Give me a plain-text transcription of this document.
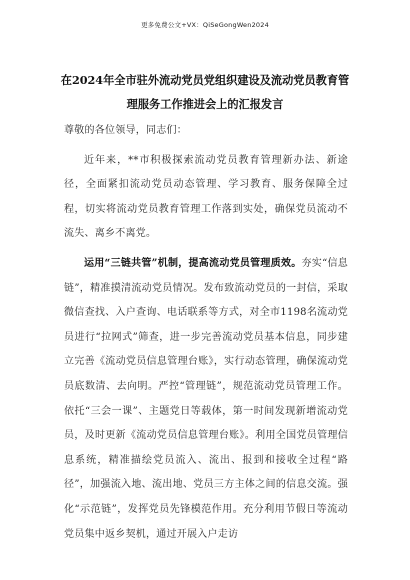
更多免费公文+VX：QiSeGongWen2024
在2024年全市驻外流动党员党组织建设及流动党员教育管
理服务工作推进会上的汇报发言

尊敬的各位领导，同志们：

近年来，**市积极探索流动党员教育管理新办法、新途径，全面紧扣流动党员动态管理、学习教育、服务保障全过程，切实将流动党员教育管理工作落到实处，确保党员流动不流失、离乡不离党。

运用“三链共管”机制，提高流动党员管理质效。夯实“信息链”，精准摸清流动党员情况。发布致流动党员的一封信，采取微信查找、入户查询、电话联系等方式，对全市1198名流动党员进行“拉网式”筛查，进一步完善流动党员基本信息，同步建立完善《流动党员信息管理台账》，实行动态管理，确保流动党员底数清、去向明。严控“管理链”，规范流动党员管理工作。依托“三会一课”、主题党日等载体，第一时间发现新增流动党员，及时更新《流动党员信息管理台账》。利用全国党员管理信息系统，精准描绘党员流入、流出、报到和接收全过程“路径”，加强流入地、流出地、党员三方主体之间的信息交流。强化“示范链”，发挥党员先锋模范作用。充分利用节假日等流动党员集中返乡契机，通过开展入户走访
